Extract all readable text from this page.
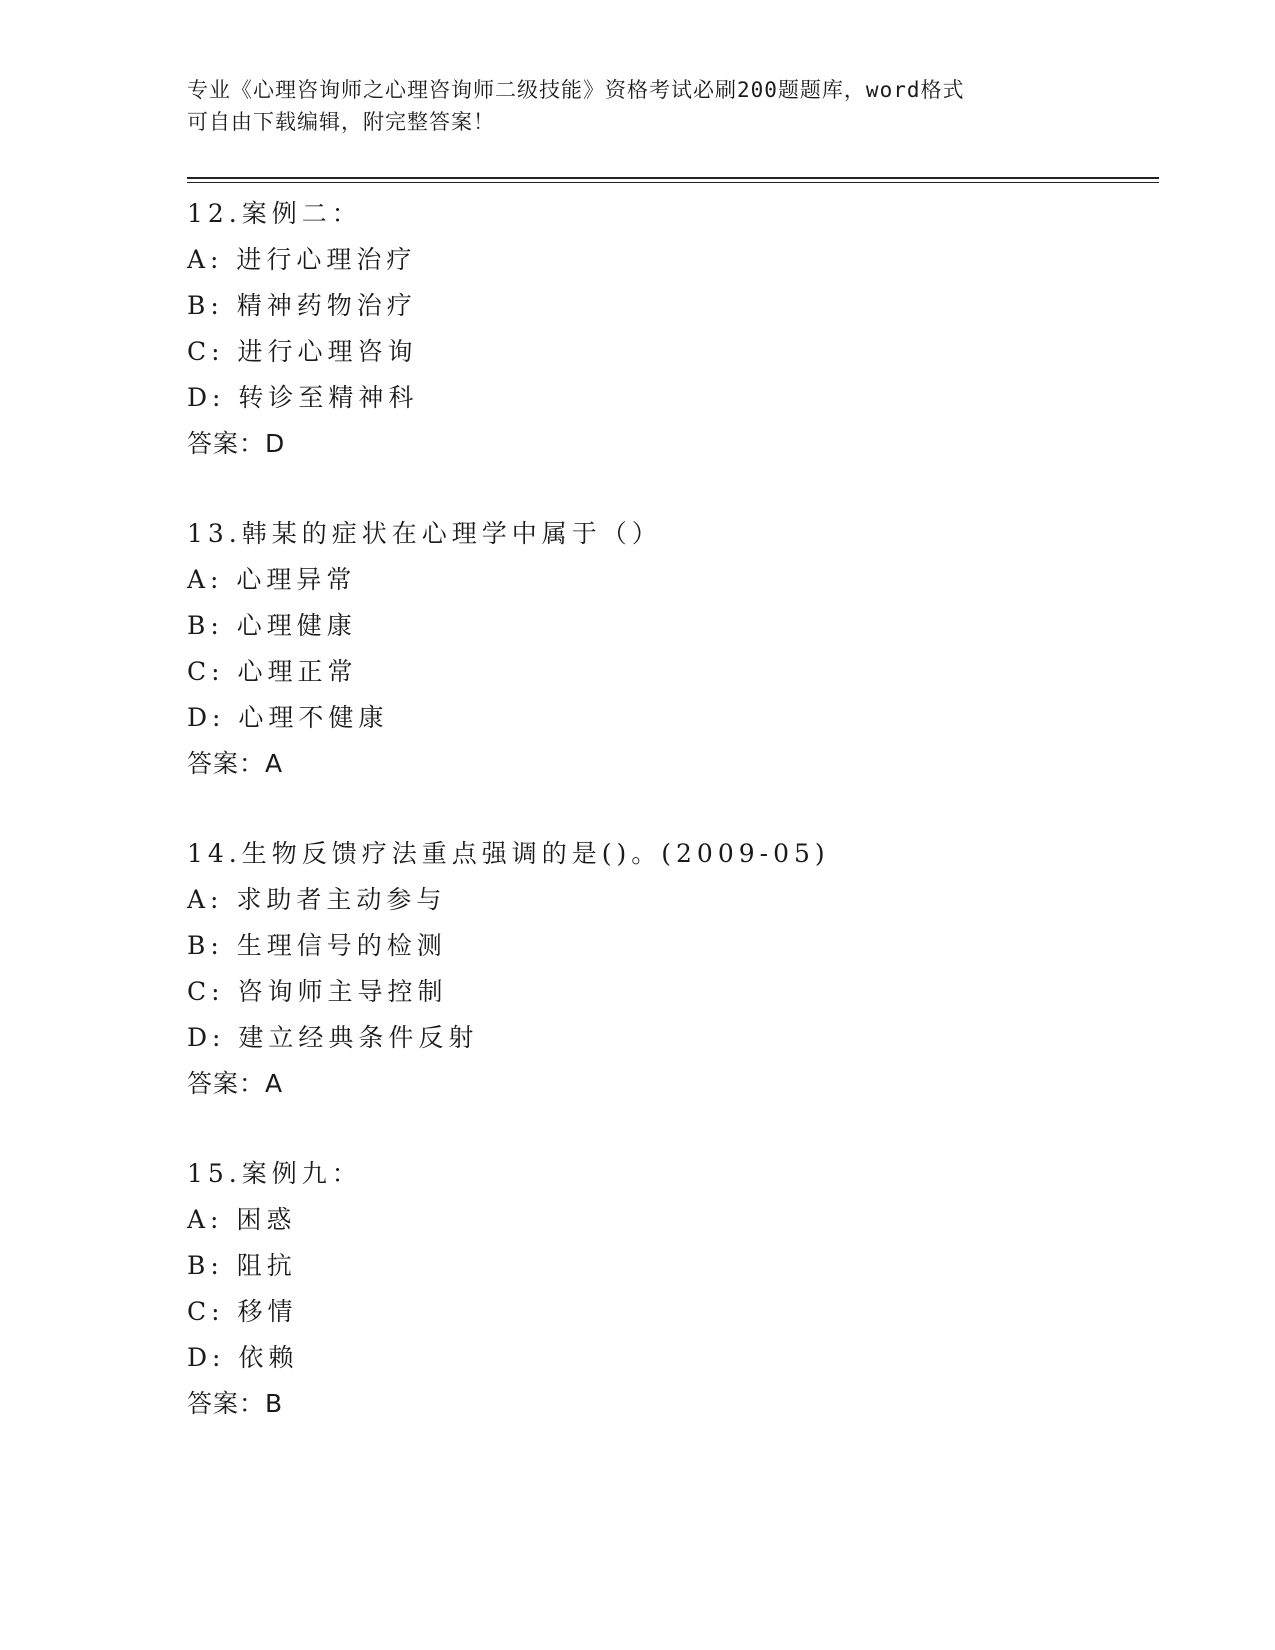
专业《心理咨询师之心理咨询师二级技能》资格考试必刷200题题库，word格式
可自由下载编辑，附完整答案！
12.案例二：
A: 进行心理治疗
B: 精神药物治疗
C: 进行心理咨询
D: 转诊至精神科
答案：D
13.韩某的症状在心理学中属于（）
A: 心理异常
B: 心理健康
C: 心理正常
D: 心理不健康
答案：A
14.生物反馈疗法重点强调的是()。(2009-05)
A: 求助者主动参与
B: 生理信号的检测
C: 咨询师主导控制
D: 建立经典条件反射
答案：A
15.案例九：
A: 困惑
B: 阻抗
C: 移情
D: 依赖
答案：B
